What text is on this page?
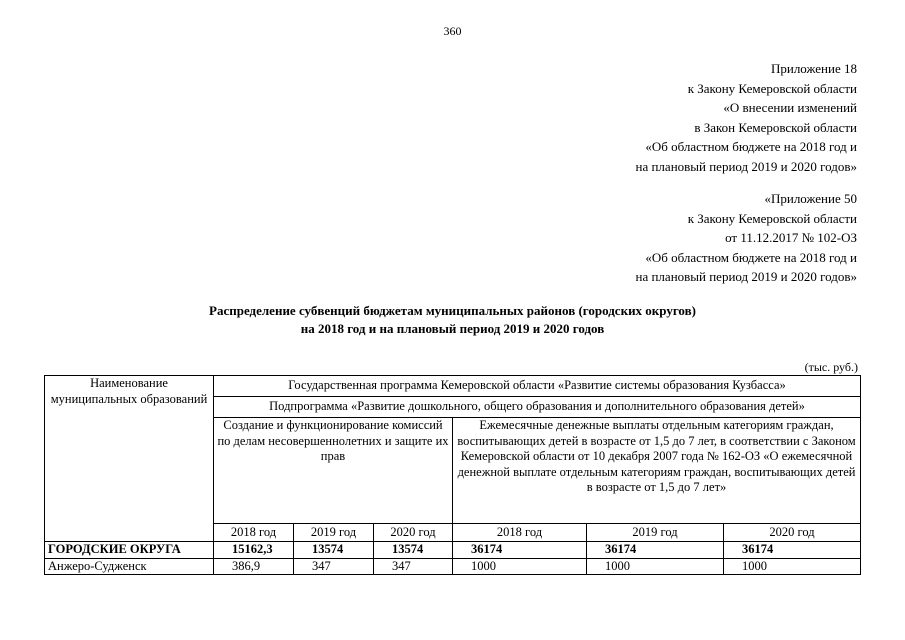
360
Приложение 18
к Закону Кемеровской области
«О внесении изменений
в Закон Кемеровской области
«Об областном бюджете на 2018 год и
на плановый период 2019 и 2020 годов»
«Приложение 50
к Закону Кемеровской области
от 11.12.2017 № 102-ОЗ
«Об областном бюджете на 2018 год и
на плановый период 2019 и 2020 годов»
Распределение субвенций бюджетам муниципальных районов (городских округов)
на 2018 год и на плановый период 2019 и 2020 годов
(тыс. руб.)
Наименование муниципальных образований	Государственная программа Кемеровской области «Развитие системы образования Кузбасса»					
	Подпрограмма «Развитие дошкольного, общего образования и дополнительного образования детей»					
	Создание и функционирование комиссий по делам несовершеннолетних и защите их прав			Ежемесячные денежные выплаты отдельным категориям граждан, воспитывающих детей в возрасте от 1,5 до 7 лет, в соответствии с Законом Кемеровской области от 10 декабря 2007 года № 162-ОЗ «О ежемесячной денежной выплате отдельным категориям граждан, воспитывающих детей в возрасте от 1,5 до 7 лет»		
	2018 год	2019 год	2020 год	2018 год	2019 год	2020 год
ГОРОДСКИЕ ОКРУГА	15162,3	13574	13574	36174	36174	36174
Анжеро-Судженск	386,9	347	347	1000	1000	1000
